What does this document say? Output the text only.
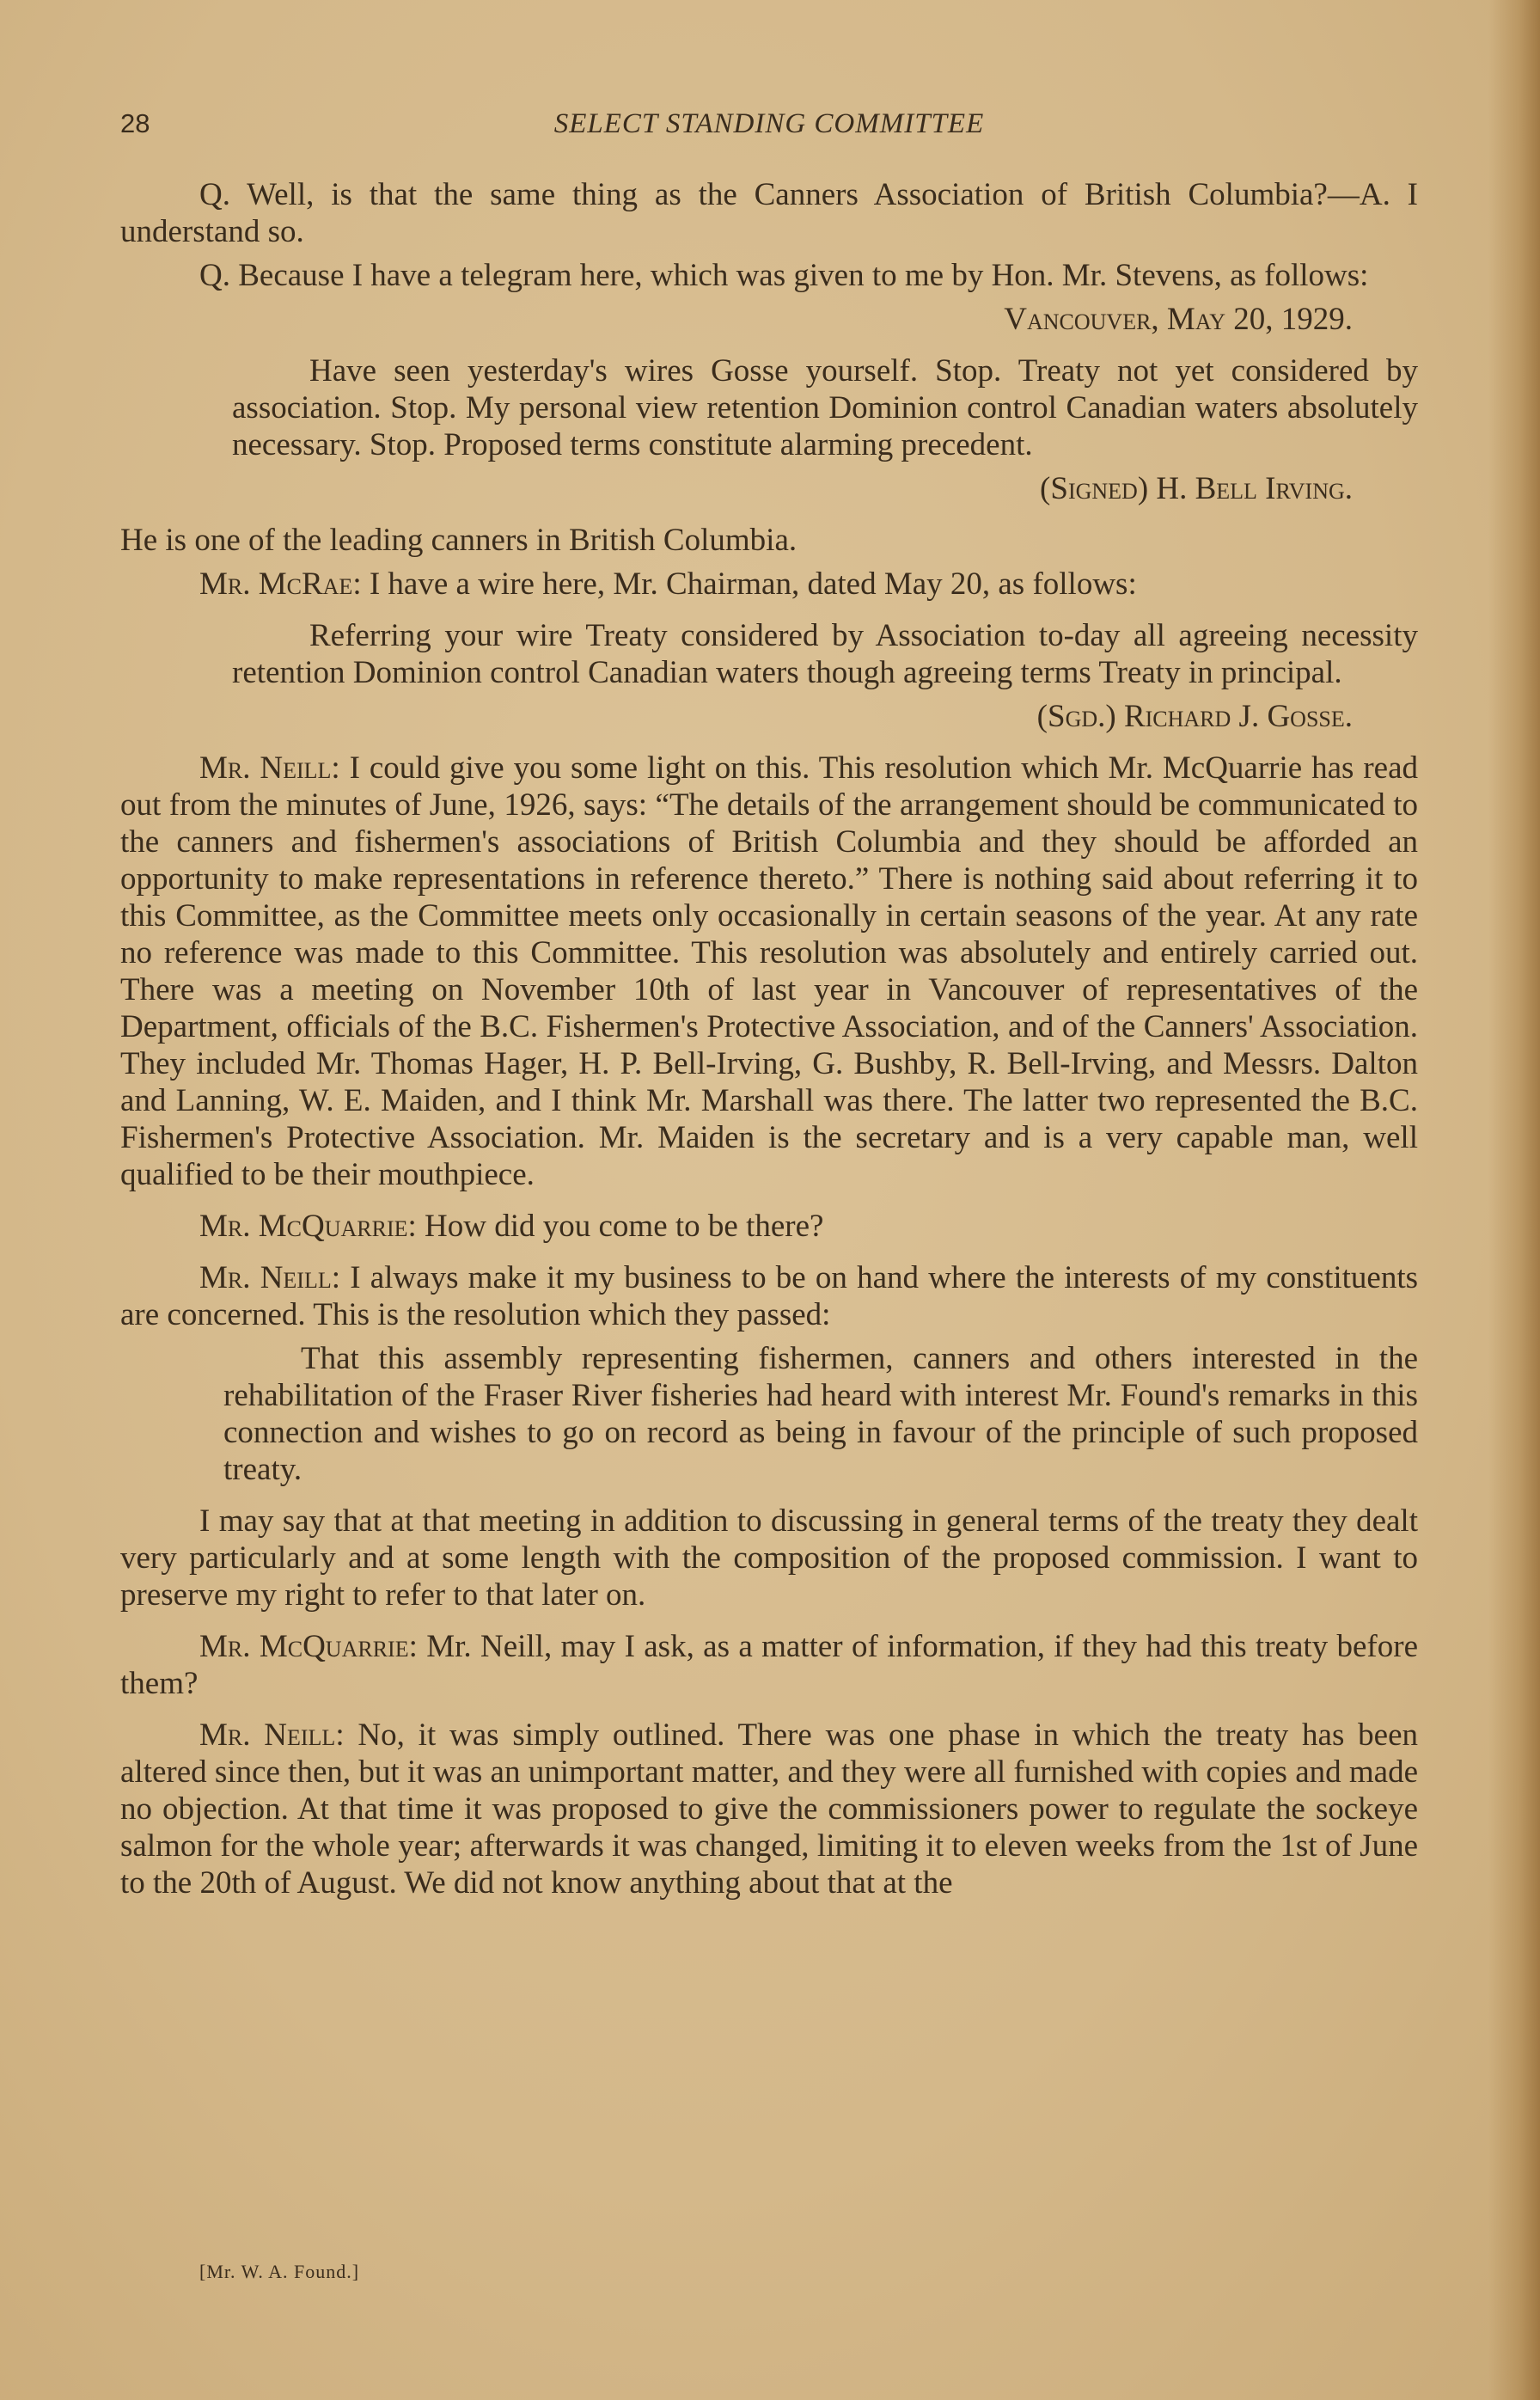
28	SELECT STANDING COMMITTEE

Q. Well, is that the same thing as the Canners Association of British Columbia?—A. I understand so.

Q. Because I have a telegram here, which was given to me by Hon. Mr. Stevens, as follows:

Vancouver, May 20, 1929.

Have seen yesterday's wires Gosse yourself. Stop. Treaty not yet considered by association. Stop. My personal view retention Dominion control Canadian waters absolutely necessary. Stop. Proposed terms constitute alarming precedent.

(Signed) H. Bell Irving.

He is one of the leading canners in British Columbia.

Mr. McRae: I have a wire here, Mr. Chairman, dated May 20, as follows:

Referring your wire Treaty considered by Association to-day all agreeing necessity retention Dominion control Canadian waters though agreeing terms Treaty in principal.

(Sgd.) Richard J. Gosse.

Mr. Neill: I could give you some light on this. This resolution which Mr. McQuarrie has read out from the minutes of June, 1926, says: “The details of the arrangement should be communicated to the canners and fishermen's associations of British Columbia and they should be afforded an opportunity to make representations in reference thereto.” There is nothing said about referring it to this Committee, as the Committee meets only occasionally in certain seasons of the year. At any rate no reference was made to this Committee. This resolution was absolutely and entirely carried out. There was a meeting on November 10th of last year in Vancouver of representatives of the Department, officials of the B.C. Fishermen's Protective Association, and of the Canners' Association. They included Mr. Thomas Hager, H. P. Bell-Irving, G. Bushby, R. Bell-Irving, and Messrs. Dalton and Lanning, W. E. Maiden, and I think Mr. Marshall was there. The latter two represented the B.C. Fishermen's Protective Association. Mr. Maiden is the secretary and is a very capable man, well qualified to be their mouthpiece.

Mr. McQuarrie: How did you come to be there?

Mr. Neill: I always make it my business to be on hand where the interests of my constituents are concerned. This is the resolution which they passed:

That this assembly representing fishermen, canners and others interested in the rehabilitation of the Fraser River fisheries had heard with interest Mr. Found's remarks in this connection and wishes to go on record as being in favour of the principle of such proposed treaty.

I may say that at that meeting in addition to discussing in general terms of the treaty they dealt very particularly and at some length with the composition of the proposed commission. I want to preserve my right to refer to that later on.

Mr. McQuarrie: Mr. Neill, may I ask, as a matter of information, if they had this treaty before them?

Mr. Neill: No, it was simply outlined. There was one phase in which the treaty has been altered since then, but it was an unimportant matter, and they were all furnished with copies and made no objection. At that time it was proposed to give the commissioners power to regulate the sockeye salmon for the whole year; afterwards it was changed, limiting it to eleven weeks from the 1st of June to the 20th of August. We did not know anything about that at the

[Mr. W. A. Found.]
